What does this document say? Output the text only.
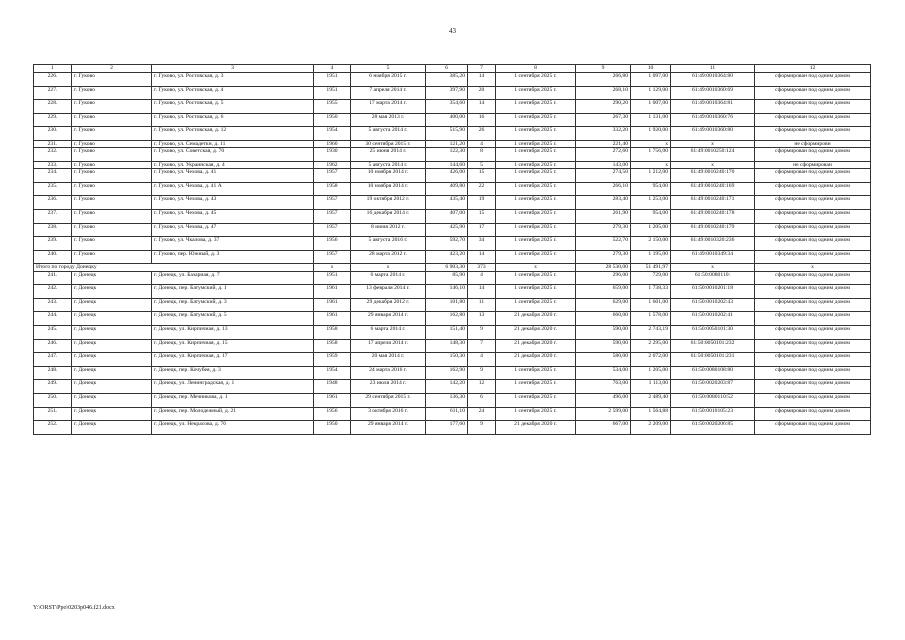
43
1	2	3	4	5	6	7	8	9	10	11	12
226.	г. Гуково	г. Гуково, ул. Ростовская, д. 3	1951	6 ноября 2015 г.	385,20	14	1 сентября 2025 г.	266,80	1 097,00	61:49:0010364:80	сформирован под одним домом
227.	г. Гуково	г. Гуково, ул. Ростовская, д. 4	1951	7 апреля 2014 г.	397,90	20	1 сентября 2025 г.	268,10	1 129,00	61:49:0010360:69	сформирован под одним домом
228.	г. Гуково	г. Гуково, ул. Ростовская, д. 5	1955	17 марта 2014 г.	354,60	14	1 сентября 2025 г.	290,20	1 007,00	61:49:0010364:81	сформирован под одним домом
229.	г. Гуково	г. Гуково, ул. Ростовская, д. 6	1950	28 мая 2013 г.	400,00	16	1 сентября 2025 г.	267,30	1 131,00	61:49:0010360:76	сформирован под одним домом
230.	г. Гуково	г. Гуково, ул. Ростовская, д. 12	1954	5 августа 2014 г.	515,90	26	1 сентября 2025 г.	332,20	1 920,00	61:49:0010360:80	сформирован под одним домом
231.	г. Гуково	г. Гуково, ул. Семадеткн, д. 11	1960	30 сентября 2015 г.	121,20	4	1 сентября 2025 г.	221,40	х	х	не сформировн
232.	г. Гуково	г. Гуково, ул. Советская, д. 70	1930	25 июня 2014 г.	122,30	8	1 сентября 2025 г.	272,60	1 756,00	61:49:0010250:124	сформирован под одним домом
233.	г. Гуково	г. Гуково, ул. Украинская, д. 4	1962	5 августа 2014 г.	144,60	5	1 сентября 2025 г.	143,00	х	х	не сформирован
234.	г. Гуково	г. Гуково, ул. Чехова, д. 41	1957	10 ноября 2014 г.	426,00	15	1 сентября 2025 г.	274,50	1 212,00	61:49:0010240:170	сформирован под одним домом
235.	г. Гуково	г. Гуково, ул. Чехова, д. 41 А	1958	10 ноября 2014 г.	409,80	22	1 сентября 2025 г.	266,10	954,00	61:49:0010240:169	сформирован под одним домом
236.	г. Гуково	г. Гуково, ул. Чехова, д. 43	1957	19 октября 2012 г.	435,40	19	1 сентября 2025 г.	283,40	1 253,00	61:49:0010240:171	сформирован под одним домом
237.	г. Гуково	г. Гуково, ул. Чехова, д. 45	1957	16 декабря 2014 г.	407,00	15	1 сентября 2025 г.	261,90	954,00	61:49:0010240:178	сформирован под одним домом
238.	г. Гуково	г. Гуково, ул. Чехова, д. 47	1957	8 июня 2012 г.	425,90	17	1 сентября 2025 г.	279,30	1 205,00	61:49:0010240:179	сформирован под одним домом
239.	г. Гуково	г. Гуково, ул. Чкалова, д. 37	1956	5 августа 2016 г.	592,70	34	1 сентября 2025 г.	522,70	2 150,00	61:49:0010320:236	сформирован под одним домом
240.	г. Гуково	г. Гуково, пер. Южный, д. 3	1957	28 марта 2012 г.	423,20	14	1 сентября 2025 г.	279,30	1 195,00	61:49:0010349:34	сформирован под одним домом
Итого по городу Донецку			х	х	6 903,30	373	х	28 530,00	51 491,97	х	х
241.	г. Донецк	г. Донецк, ул. Базарная, д. 7	1951	6 марта 2014 г.	85,90	4	1 сентября 2025 г.	296,00	729,00	61:50:0080110:	сформирован под одним домом
242.	г. Донецк	г. Донецк, пер. Батумский, д. 1	1961	13 февраля 2014 г.	146,10	14	1 сентября 2025 г.	659,00	1 738,33	61:50:0010201:18	сформирован под одним домом
243.	г. Донецк	г. Донецк, пер. Батумский, д. 3	1961	29 декабря 2012 г.	101,80	11	1 сентября 2025 г.	629,00	1 601,00	61:50:0010202:43	сформирован под одним домом
244.	г. Донецк	г. Донецк, пер. Батумский, д. 5	1961	29 января 2014 г.	162,80	13	21 декабря 2020 г.	660,00	1 578,00	61:50:0010202:41	сформирован под одним домом
245.	г. Донецк	г. Донецк, ул. Кирпичная, д. 13	1958	6 марта 2014 г.	151,40	9	21 декабря 2020 г.	590,00	2 743,19	61:50:0050101:30	сформирован под одним домом
246.	г. Донецк	г. Донецк, ул. Кирпичная, д. 15	1958	17 апреля 2014 г.	148,30	7	21 декабря 2020 г.	590,00	2 295,00	61:50:0050101:232	сформирован под одним домом
247.	г. Донецк	г. Донецк, ул. Кирпичная, д. 17	1959	20 мая 2014 г.	150,30	4	21 декабря 2020 г.	580,00	2 072,00	61:50:0050101:231	сформирован под одним домом
248.	г. Донецк	г. Донецк, пер. Кочубея, д. 3	1954	24 марта 2016 г.	162,90	9	1 сентября 2025 г.	534,00	1 205,00	61:50:0080108:80	сформирован под одним домом
249.	г. Донецк	г. Донецк, ул. Ленинградская, д. 1	1948	23 июля 2014 г.	142,20	12	1 сентября 2025 г.	763,00	1 113,00	61:50:0020203:87	сформирован под одним домом
250.	г. Донецк	г. Донецк, пер. Мечникова, д. 1	1961	29 сентября 2015 г.	136,30	6	1 сентября 2025 г.	496,00	2 489,40	61:50:0080110:52	сформирован под одним домом
251.	г. Донецк	г. Донецк, пер. Молодежный, д. 21	1956	3 октября 2016 г.	611,10	24	1 сентября 2025 г.	2 599,00	1 564,88	61:50:0010105:23	сформирован под одним домом
252.	г. Донецк	г. Донецк, ул. Некрасова, д. 76	1950	29 января 2014 г.	177,60	9	21 декабря 2020 г.	667,00	2 209,00	61:50:0020206:85	сформирован под одним домом
Y:\ORST\Ppo\0203p046.f21.docx
